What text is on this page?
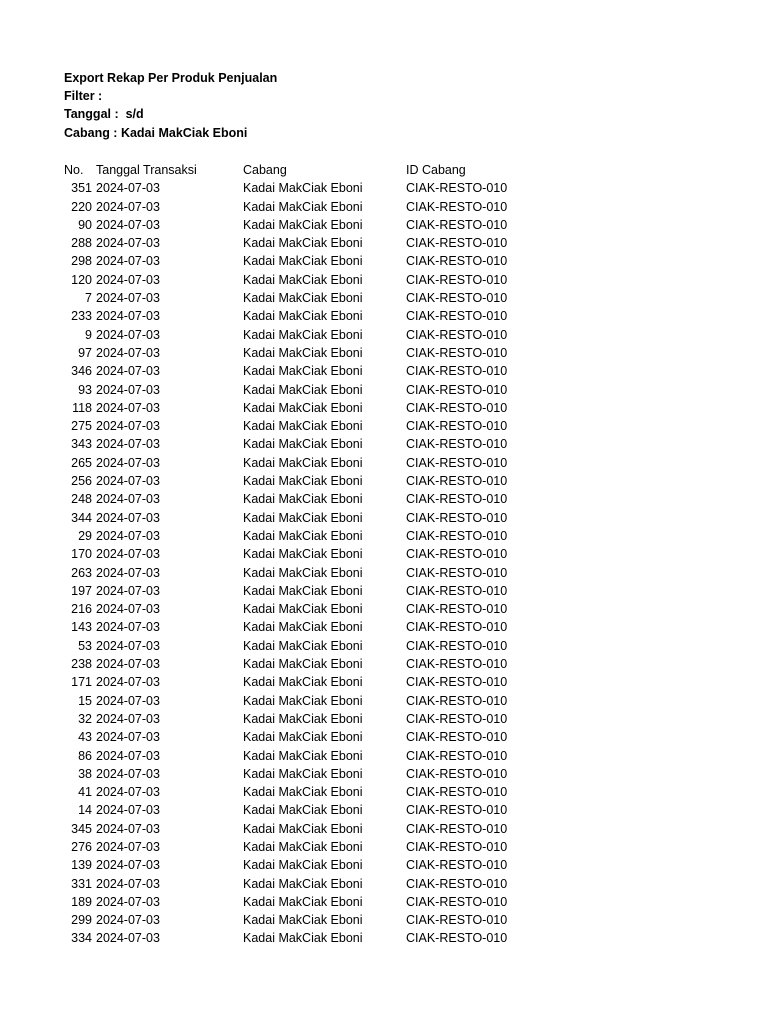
Export Rekap Per Produk Penjualan
Filter :
Tanggal :  s/d
Cabang : Kadai MakCiak Eboni
No. Tanggal Transaksi	Cabang	ID Cabang
351 2024-07-03	Kadai MakCiak Eboni	CIAK-RESTO-010
220 2024-07-03	Kadai MakCiak Eboni	CIAK-RESTO-010
90 2024-07-03	Kadai MakCiak Eboni	CIAK-RESTO-010
288 2024-07-03	Kadai MakCiak Eboni	CIAK-RESTO-010
298 2024-07-03	Kadai MakCiak Eboni	CIAK-RESTO-010
120 2024-07-03	Kadai MakCiak Eboni	CIAK-RESTO-010
7 2024-07-03	Kadai MakCiak Eboni	CIAK-RESTO-010
233 2024-07-03	Kadai MakCiak Eboni	CIAK-RESTO-010
9 2024-07-03	Kadai MakCiak Eboni	CIAK-RESTO-010
97 2024-07-03	Kadai MakCiak Eboni	CIAK-RESTO-010
346 2024-07-03	Kadai MakCiak Eboni	CIAK-RESTO-010
93 2024-07-03	Kadai MakCiak Eboni	CIAK-RESTO-010
118 2024-07-03	Kadai MakCiak Eboni	CIAK-RESTO-010
275 2024-07-03	Kadai MakCiak Eboni	CIAK-RESTO-010
343 2024-07-03	Kadai MakCiak Eboni	CIAK-RESTO-010
265 2024-07-03	Kadai MakCiak Eboni	CIAK-RESTO-010
256 2024-07-03	Kadai MakCiak Eboni	CIAK-RESTO-010
248 2024-07-03	Kadai MakCiak Eboni	CIAK-RESTO-010
344 2024-07-03	Kadai MakCiak Eboni	CIAK-RESTO-010
29 2024-07-03	Kadai MakCiak Eboni	CIAK-RESTO-010
170 2024-07-03	Kadai MakCiak Eboni	CIAK-RESTO-010
263 2024-07-03	Kadai MakCiak Eboni	CIAK-RESTO-010
197 2024-07-03	Kadai MakCiak Eboni	CIAK-RESTO-010
216 2024-07-03	Kadai MakCiak Eboni	CIAK-RESTO-010
143 2024-07-03	Kadai MakCiak Eboni	CIAK-RESTO-010
53 2024-07-03	Kadai MakCiak Eboni	CIAK-RESTO-010
238 2024-07-03	Kadai MakCiak Eboni	CIAK-RESTO-010
171 2024-07-03	Kadai MakCiak Eboni	CIAK-RESTO-010
15 2024-07-03	Kadai MakCiak Eboni	CIAK-RESTO-010
32 2024-07-03	Kadai MakCiak Eboni	CIAK-RESTO-010
43 2024-07-03	Kadai MakCiak Eboni	CIAK-RESTO-010
86 2024-07-03	Kadai MakCiak Eboni	CIAK-RESTO-010
38 2024-07-03	Kadai MakCiak Eboni	CIAK-RESTO-010
41 2024-07-03	Kadai MakCiak Eboni	CIAK-RESTO-010
14 2024-07-03	Kadai MakCiak Eboni	CIAK-RESTO-010
345 2024-07-03	Kadai MakCiak Eboni	CIAK-RESTO-010
276 2024-07-03	Kadai MakCiak Eboni	CIAK-RESTO-010
139 2024-07-03	Kadai MakCiak Eboni	CIAK-RESTO-010
331 2024-07-03	Kadai MakCiak Eboni	CIAK-RESTO-010
189 2024-07-03	Kadai MakCiak Eboni	CIAK-RESTO-010
299 2024-07-03	Kadai MakCiak Eboni	CIAK-RESTO-010
334 2024-07-03	Kadai MakCiak Eboni	CIAK-RESTO-010
